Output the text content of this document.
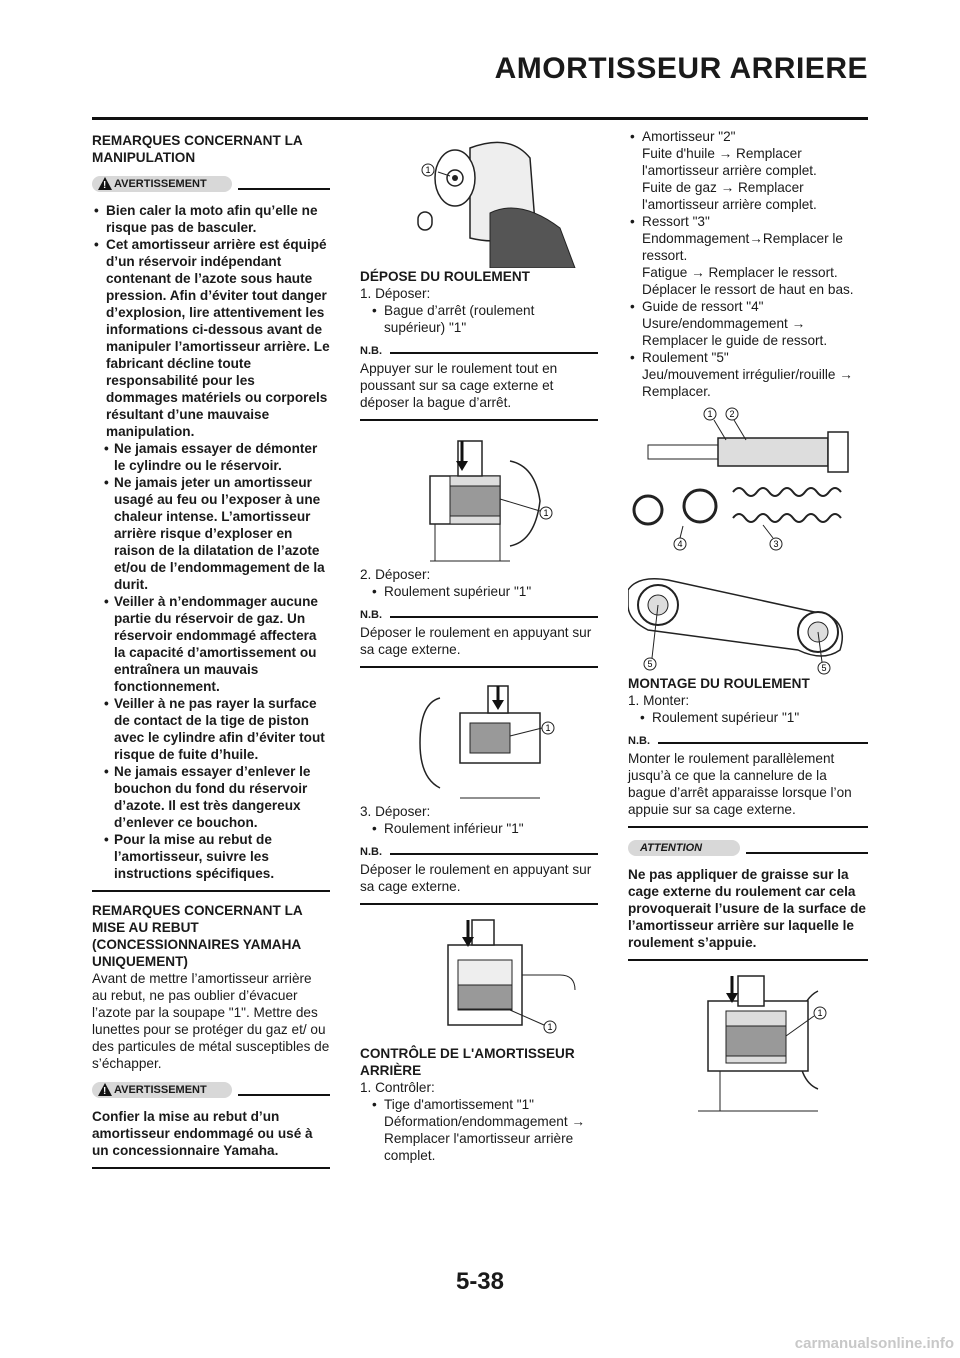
AMORTISSEUR ARRIERE
REMARQUES CONCERNANT LA MANIPULATION
!
AVERTISSEMENT
• Bien caler la moto afin qu’elle ne risque pas de basculer.
• Cet amortisseur arrière est équipé d’un réservoir indépendant contenant de l’azote sous haute pression. Afin d’éviter tout danger d’explosion, lire attentivement les informations ci-dessous avant de manipuler l’amortisseur arrière. Le fabricant décline toute responsabilité pour les dommages matériels ou corporels résultant d’une mauvaise manipulation.
• Ne jamais essayer de démonter le cylindre ou le réservoir.
• Ne jamais jeter un amortisseur usagé au feu ou l’exposer à une chaleur intense. L’amortisseur arrière risque d’exploser en raison de la dilatation de l’azote et/ou de l’endommagement de la durit.
• Veiller à n’endommager aucune partie du réservoir de gaz. Un réservoir endommagé affectera la capacité d’amortissement ou entraînera un mauvais fonctionnement.
• Veiller à ne pas rayer la surface de contact de la tige de piston avec le cylindre afin d’éviter tout risque de fuite d’huile.
• Ne jamais essayer d’enlever le bouchon du fond du réservoir d’azote. Il est très dangereux d’enlever ce bouchon.
• Pour la mise au rebut de l’amortisseur, suivre les instructions spécifiques.
REMARQUES CONCERNANT LA MISE AU REBUT (CONCESSIONNAIRES YAMAHA UNIQUEMENT)
Avant de mettre l’amortisseur arrière au rebut, ne pas oublier d’évacuer l’azote par la soupape "1". Mettre des lunettes pour se protéger du gaz et/ ou des particules de métal susceptibles de s’échapper.
!
AVERTISSEMENT
Confier la mise au rebut d’un amortisseur endommagé ou usé à un concessionnaire Yamaha.
1
DÉPOSE DU ROULEMENT
1. Déposer:
• Bague d’arrêt (roulement supérieur) "1"
N.B.
Appuyer sur le roulement tout en poussant sur sa cage externe et déposer la bague d’arrêt.
1
2. Déposer:
• Roulement supérieur "1"
N.B.
Déposer le roulement en appuyant sur sa cage externe.
1
3. Déposer:
• Roulement inférieur "1"
N.B.
Déposer le roulement en appuyant sur sa cage externe.
1
CONTRÔLE DE L'AMORTISSEUR ARRIÈRE
1. Contrôler:
• Tige d'amortissement "1"
Déformation/endommagement → Remplacer l'amortisseur arrière complet.
• Amortisseur "2"
Fuite d'huile → Remplacer l'amortisseur arrière complet.
Fuite de gaz → Remplacer l'amortisseur arrière complet.
• Ressort "3"
Endommagement→Remplacer le ressort.
Fatigue → Remplacer le ressort. Déplacer le ressort de haut en bas.
• Guide de ressort "4"
Usure/endommagement → Remplacer le guide de ressort.
• Roulement "5"
Jeu/mouvement irrégulier/rouille → Remplacer.
1 2
4	3
5	5
MONTAGE DU ROULEMENT
1. Monter:
• Roulement supérieur "1"
N.B.
Monter le roulement parallèlement jusqu’à ce que la cannelure de la bague d’arrêt apparaisse lorsque l’on appuie sur sa cage externe.
ATTENTION
Ne pas appliquer de graisse sur la cage externe du roulement car cela provoquerait l’usure de la surface de l’amortisseur arrière sur laquelle le roulement s’appuie.
1
5-38
carmanualsonline.info
